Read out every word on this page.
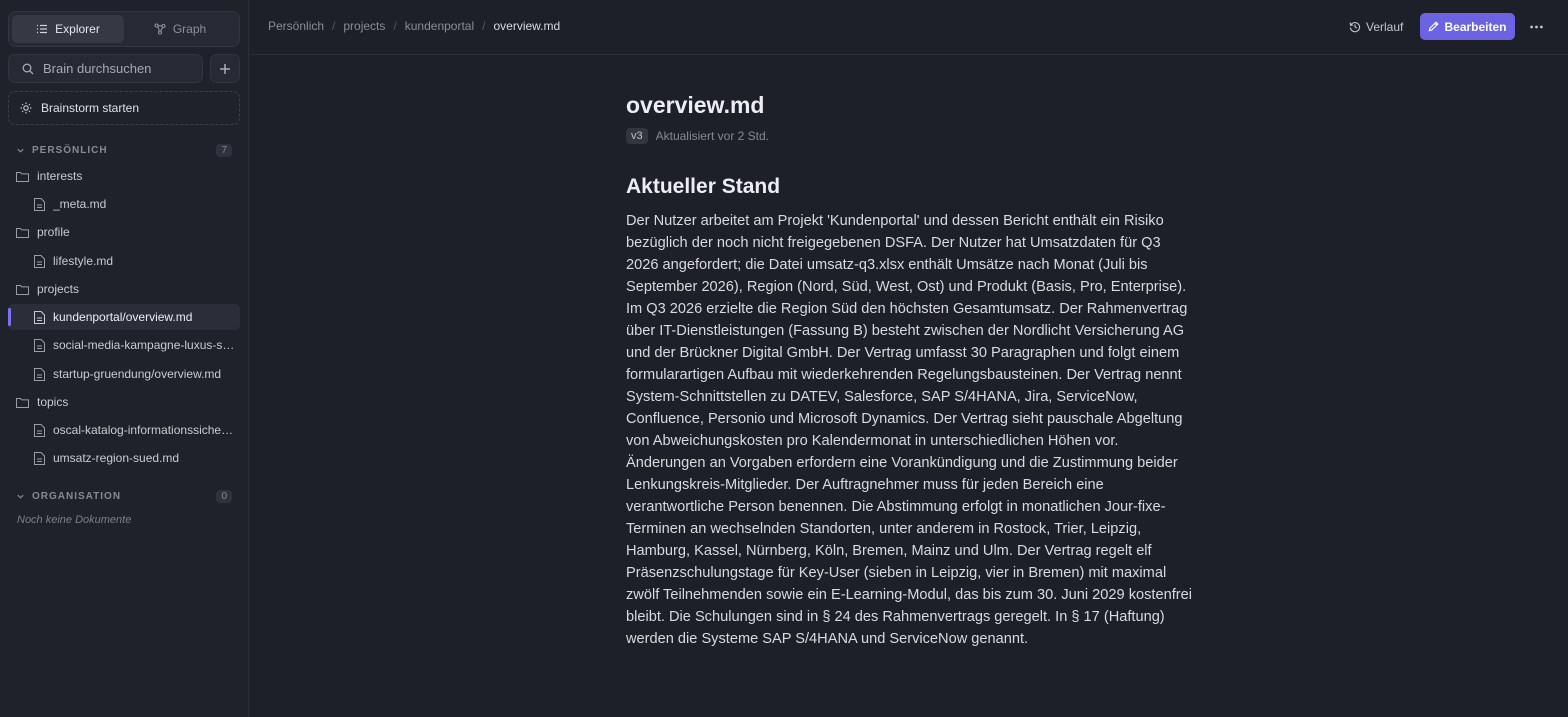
Explorer	Graph
Brain durchsuchen
Brainstorm starten
PERSÖNLICH	7
interests
_meta.md
profile
lifestyle.md
projects
kundenportal/overview.md
social-media-kampagne-luxus-s…
startup-gruendung/overview.md
topics
oscal-katalog-informationssiche…
umsatz-region-sued.md
ORGANISATION	0
Noch keine Dokumente
Persönlich / projects / kundenportal / overview.md	Verlauf	Bearbeiten
overview.md
v3	Aktualisiert vor 2 Std.
Aktueller Stand

Der Nutzer arbeitet am Projekt 'Kundenportal' und dessen Bericht enthält ein Risiko bezüglich der noch nicht freigegebenen DSFA. Der Nutzer hat Umsatzdaten für Q3 2026 angefordert; die Datei umsatz-q3.xlsx enthält Umsätze nach Monat (Juli bis September 2026), Region (Nord, Süd, West, Ost) und Produkt (Basis, Pro, Enterprise). Im Q3 2026 erzielte die Region Süd den höchsten Gesamtumsatz. Der Rahmenvertrag über IT-Dienstleistungen (Fassung B) besteht zwischen der Nordlicht Versicherung AG und der Brückner Digital GmbH. Der Vertrag umfasst 30 Paragraphen und folgt einem formularartigen Aufbau mit wiederkehrenden Regelungsbausteinen. Der Vertrag nennt System-Schnittstellen zu DATEV, Salesforce, SAP S/4HANA, Jira, ServiceNow, Confluence, Personio und Microsoft Dynamics. Der Vertrag sieht pauschale Abgeltung von Abweichungskosten pro Kalendermonat in unterschiedlichen Höhen vor. Änderungen an Vorgaben erfordern eine Vorankündigung und die Zustimmung beider Lenkungskreis-Mitglieder. Der Auftragnehmer muss für jeden Bereich eine verantwortliche Person benennen. Die Abstimmung erfolgt in monatlichen Jour-fixe-Terminen an wechselnden Standorten, unter anderem in Rostock, Trier, Leipzig, Hamburg, Kassel, Nürnberg, Köln, Bremen, Mainz und Ulm. Der Vertrag regelt elf Präsenzschulungstage für Key-User (sieben in Leipzig, vier in Bremen) mit maximal zwölf Teilnehmenden sowie ein E-Learning-Modul, das bis zum 30. Juni 2029 kostenfrei bleibt. Die Schulungen sind in § 24 des Rahmenvertrags geregelt. In § 17 (Haftung) werden die Systeme SAP S/4HANA und ServiceNow genannt.
